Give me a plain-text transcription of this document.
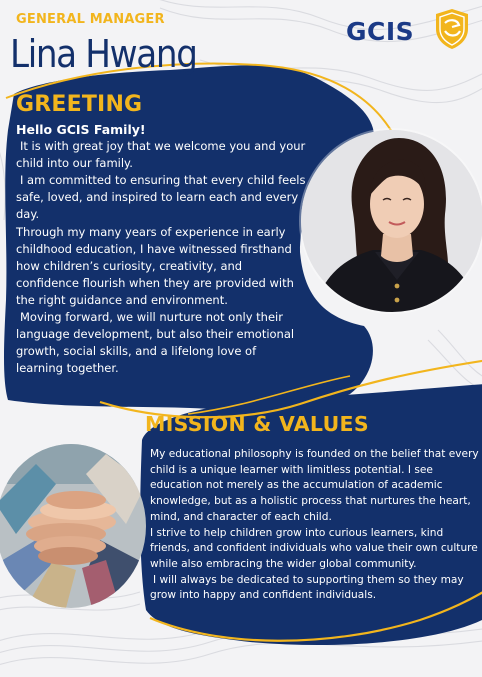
GENERAL MANAGER
Lina Hwang
GCIS
GREETING

Hello GCIS Family!

It is with great joy that we welcome you and your child into our family.

I am committed to ensuring that every child feels safe, loved, and inspired to learn each and every day.

Through my many years of experience in early childhood education, I have witnessed firsthand how children’s curiosity, creativity, and confidence flourish when they are provided with the right guidance and environment.

Moving forward, we will nurture not only their language development, but also their emotional growth, social skills, and a lifelong love of learning together.

MISSION & VALUES

My educational philosophy is founded on the belief that every child is a unique learner with limitless potential. I see education not merely as the accumulation of academic knowledge, but as a holistic process that nurtures the heart, mind, and character of each child.

I strive to help children grow into curious learners, kind friends, and confident individuals who value their own culture while also embracing the wider global community.

I will always be dedicated to supporting them so they may grow into happy and confident individuals.
